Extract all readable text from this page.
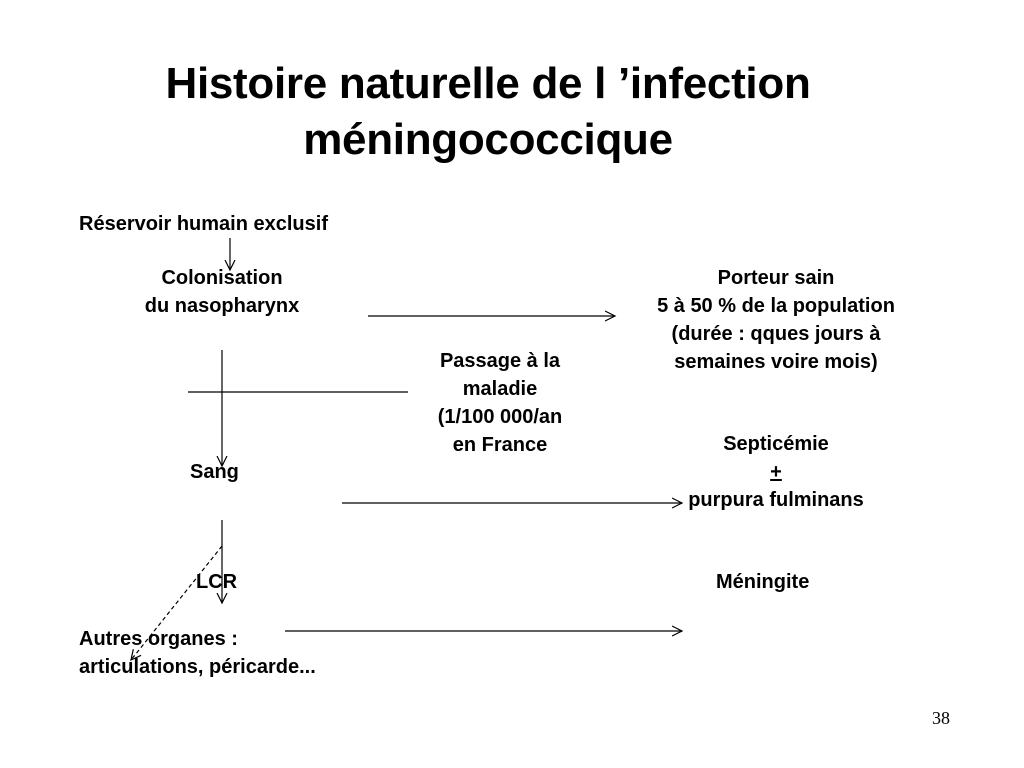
Histoire naturelle de l ’infection
méningococcique
Réservoir humain exclusif
Colonisation
du nasopharynx
Porteur sain
5 à 50 % de la population
(durée : qques jours à
semaines voire mois)
Passage à la
maladie
(1/100 000/an
en France
Sang
Septicémie
+
purpura fulminans
LCR	Méningite
Autres organes :
articulations, péricarde...
38
